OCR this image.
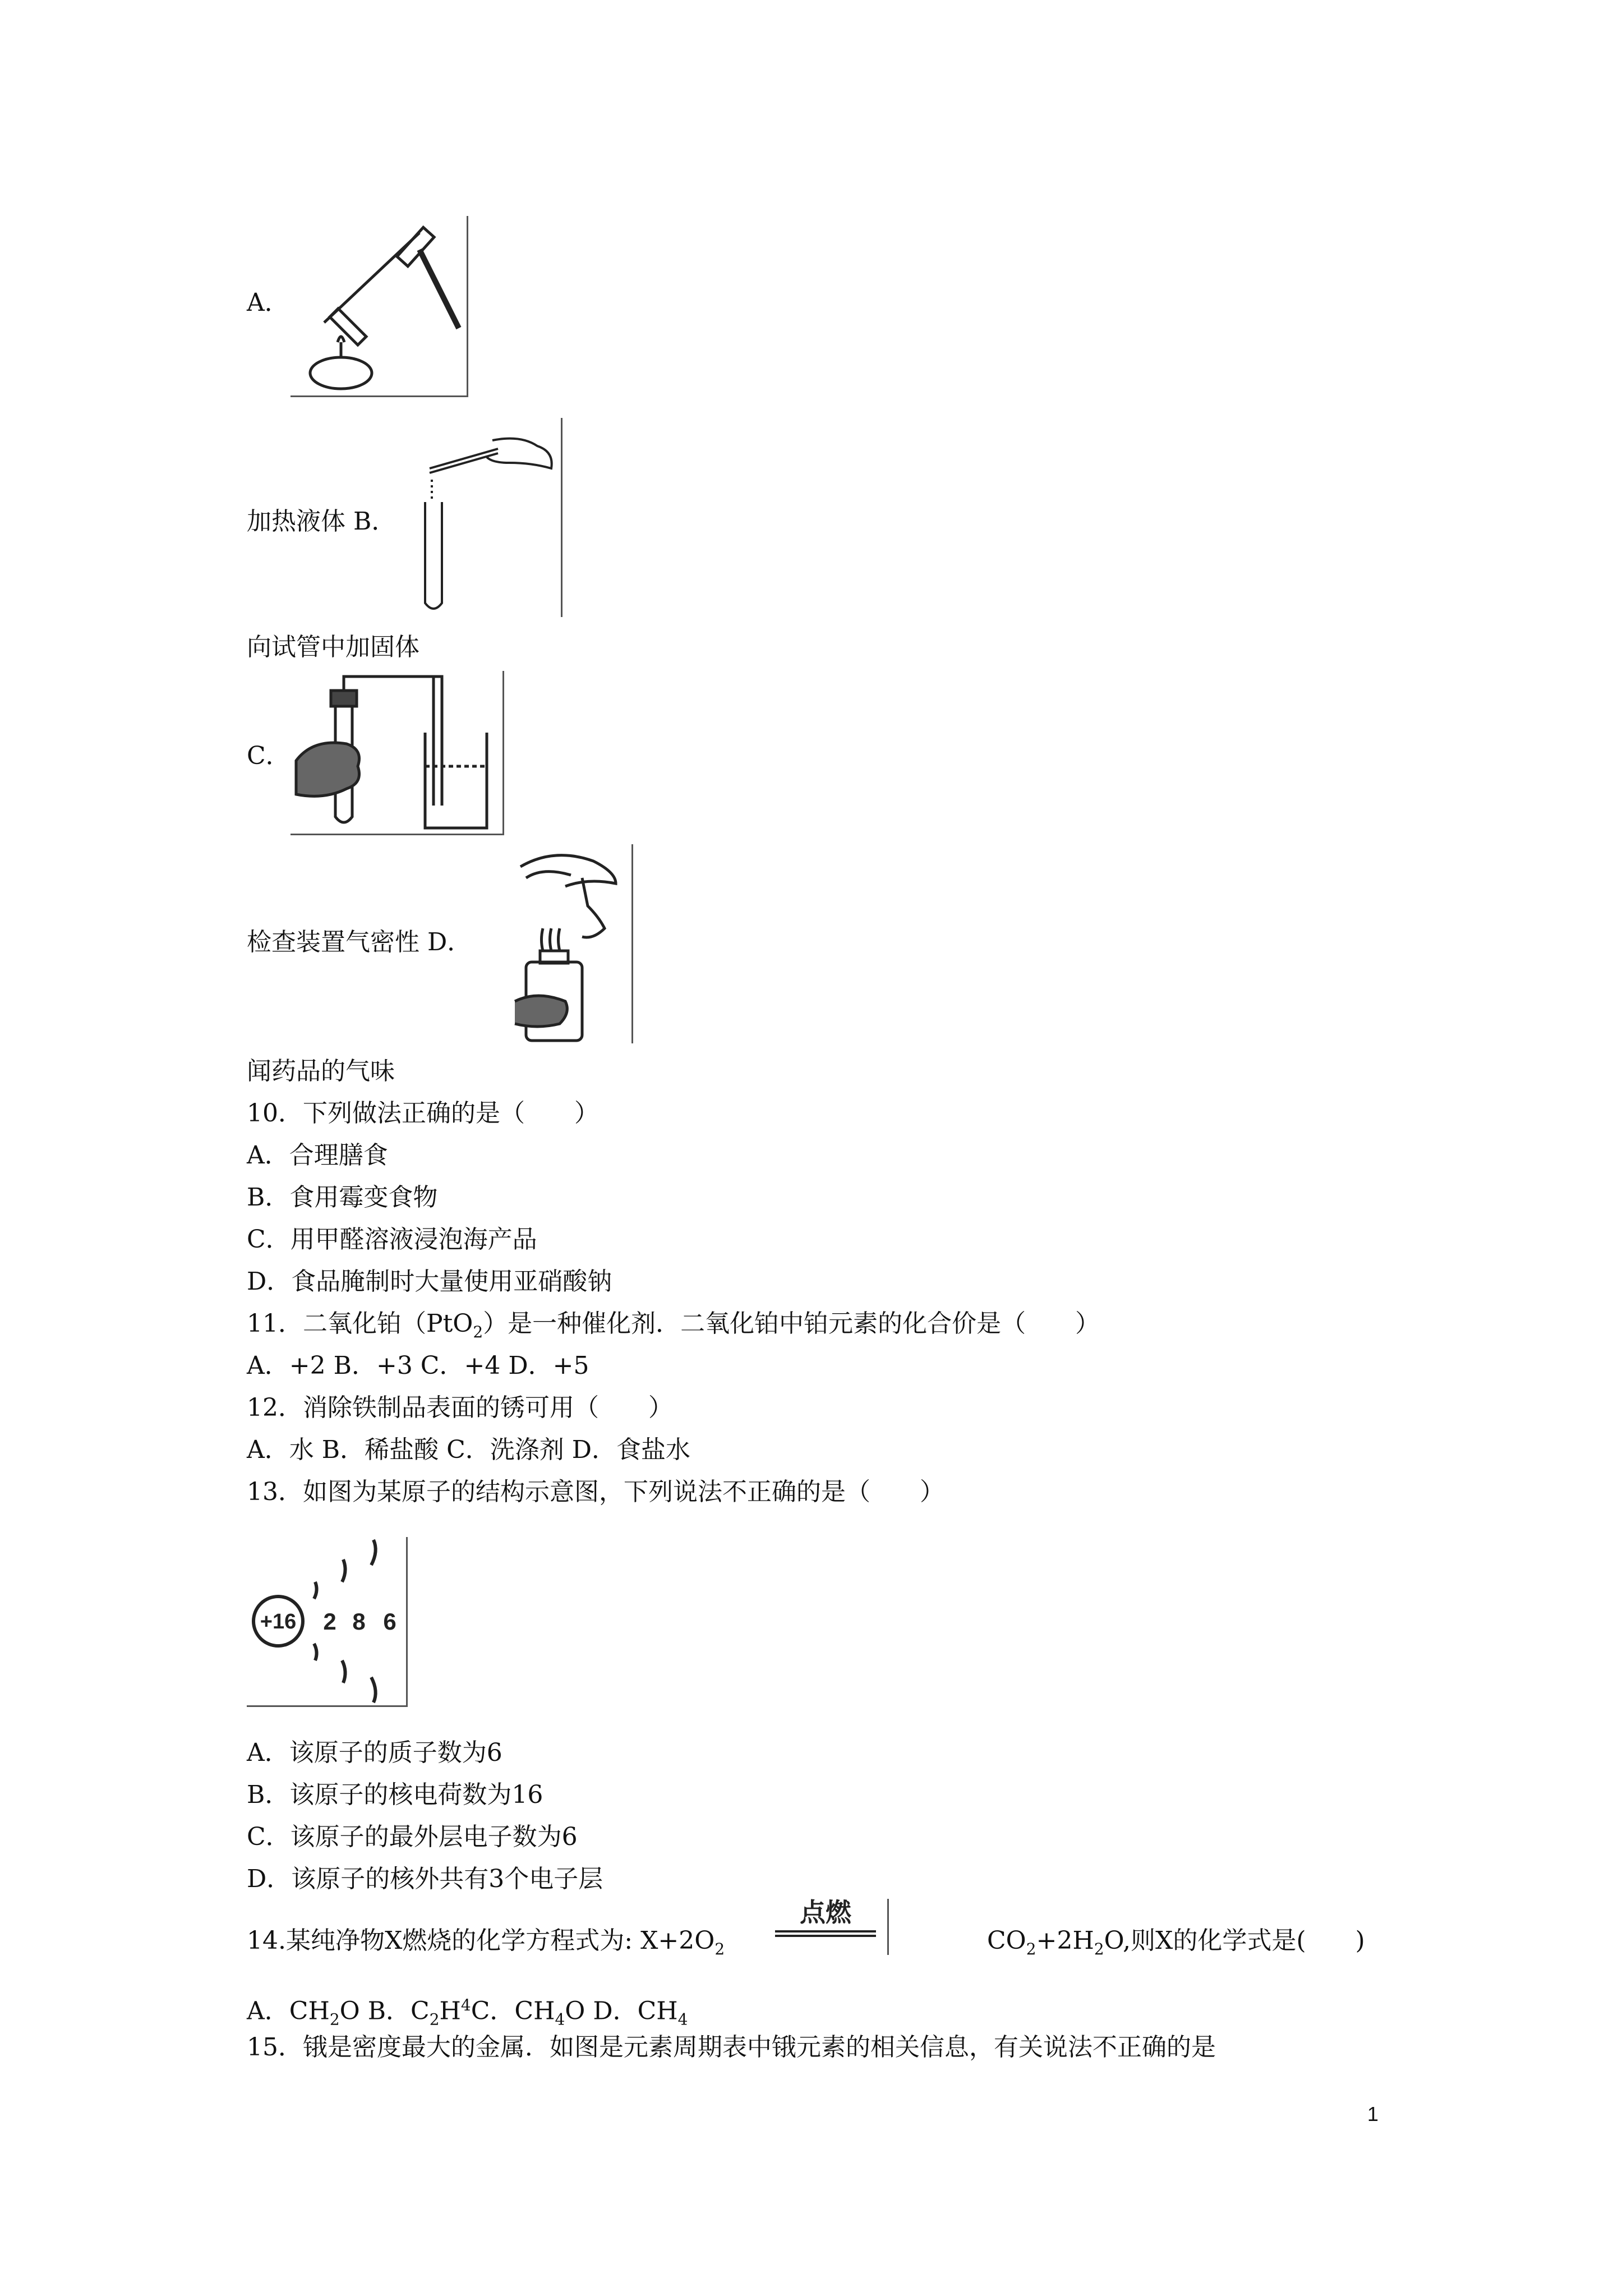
A．
加热液体 B．
向试管中加固体
C．
检查装置气密性 D．
闻药品的气味
10．下列做法正确的是（　　）
A．合理膳食
B．食用霉变食物
C．用甲醛溶液浸泡海产品
D．食品腌制时大量使用亚硝酸钠
11．二氧化铂（PtO$_2$）是一种催化剂．二氧化铂中铂元素的化合价是（　　）
A．+2 B．+3 C．+4 D．+5
12．消除铁制品表面的锈可用（　　）
A．水 B．稀盐酸 C．洗涤剂 D．食盐水
13．如图为某原子的结构示意图，下列说法不正确的是（　　）
+16 2 8 6
A．该原子的质子数为6
B．该原子的核电荷数为16
C．该原子的最外层电子数为6
D．该原子的核外共有3个电子层
14.某纯净物X燃烧的化学方程式为: $X+2O_2$
点燃
$CO_2+2H_2O$,则X的化学式是(　　)
A．$CH_2O$ B．$C_2H^4C$．$CH_4O$ D．$CH_4$
15．锇是密度最大的金属．如图是元素周期表中锇元素的相关信息，有关说法不正确的是
1
